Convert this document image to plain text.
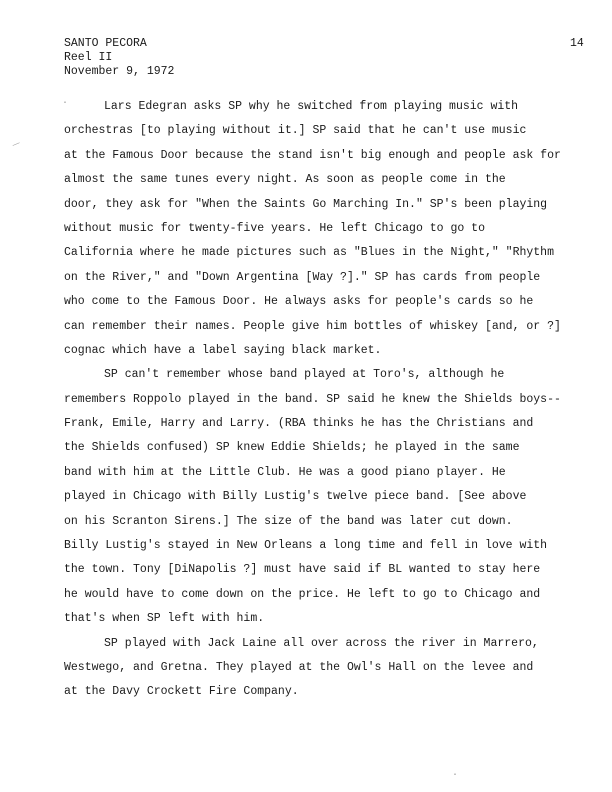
SANTO PECORA
Reel II
November 9, 1972
14
Lars Edegran asks SP why he switched from playing music with
orchestras [to playing without it.] SP said that he can't use music
at the Famous Door because the stand isn't big enough and people ask for
almost the same tunes every night. As soon as people come in the
door, they ask for "When the Saints Go Marching In." SP's been playing
without music for twenty-five years. He left Chicago to go to
California where he made pictures such as "Blues in the Night," "Rhythm
on the River," and "Down Argentina [Way ?]." SP has cards from people
who come to the Famous Door. He always asks for people's cards so he
can remember their names. People give him bottles of whiskey [and, or ?]
cognac which have a label saying black market.
SP can't remember whose band played at Toro's, although he
remembers Roppolo played in the band. SP said he knew the Shields boys--
Frank, Emile, Harry and Larry. (RBA thinks he has the Christians and
the Shields confused) SP knew Eddie Shields; he played in the same
band with him at the Little Club. He was a good piano player. He
played in Chicago with Billy Lustig's twelve piece band. [See above
on his Scranton Sirens.] The size of the band was later cut down.
Billy Lustig's stayed in New Orleans a long time and fell in love with
the town. Tony [DiNapolis ?] must have said if BL wanted to stay here
he would have to come down on the price. He left to go to Chicago and
that's when SP left with him.
SP played with Jack Laine all over across the river in Marrero,
Westwego, and Gretna. They played at the Owl's Hall on the levee and
at the Davy Crockett Fire Company.
·
⁄
·
